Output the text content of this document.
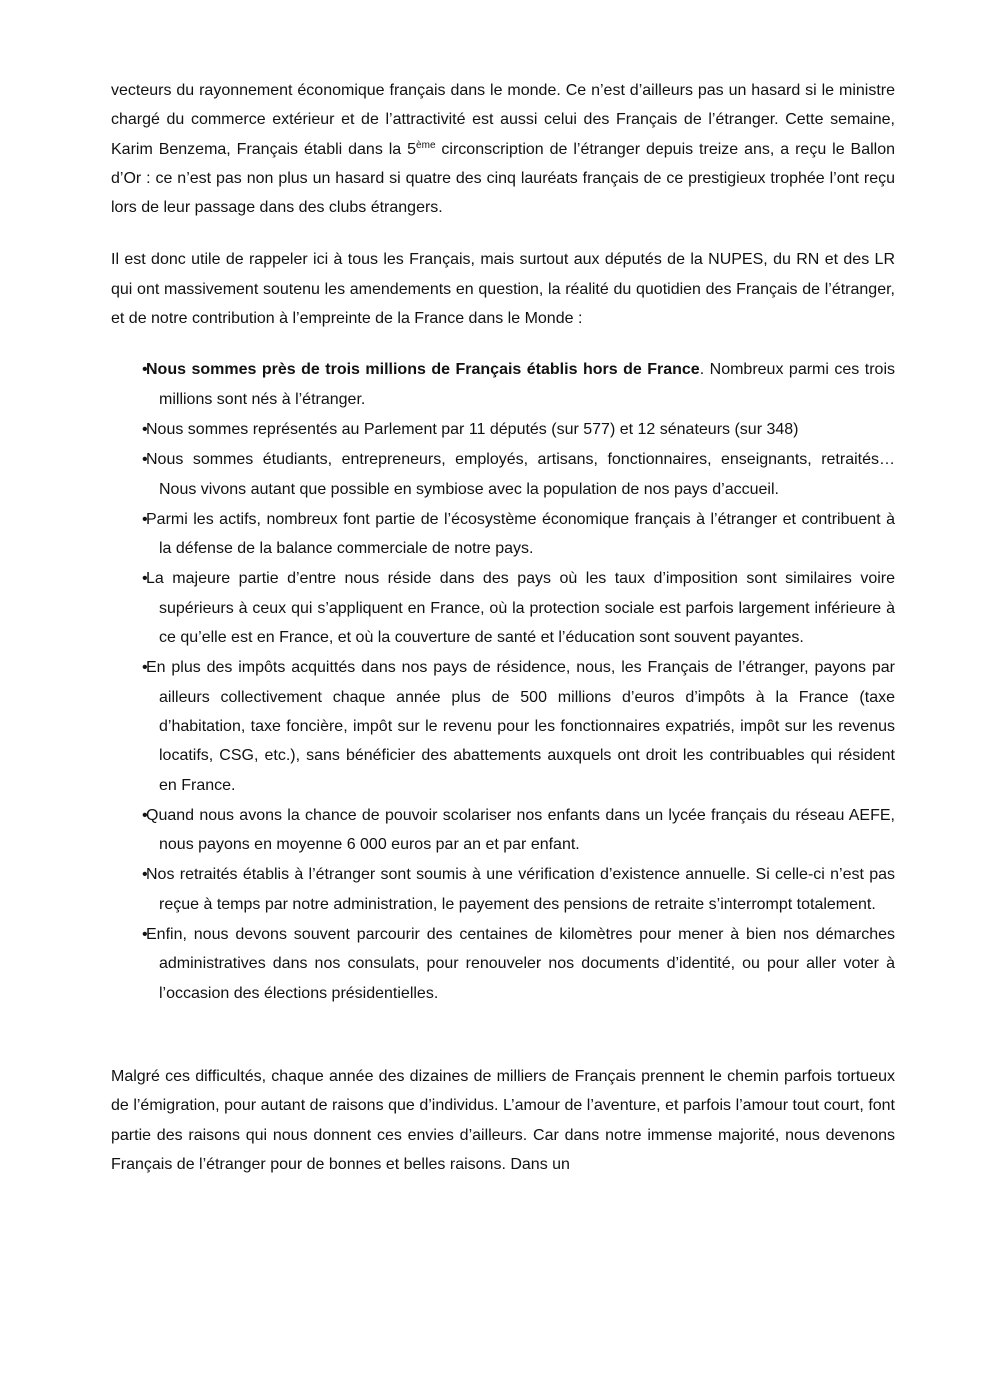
vecteurs du rayonnement économique français dans le monde. Ce n’est d’ailleurs pas un hasard si le ministre chargé du commerce extérieur et de l’attractivité est aussi celui des Français de l’étranger. Cette semaine, Karim Benzema, Français établi dans la 5ème circonscription de l’étranger depuis treize ans, a reçu le Ballon d’Or : ce n’est pas non plus un hasard si quatre des cinq lauréats français de ce prestigieux trophée l’ont reçu lors de leur passage dans des clubs étrangers.

Il est donc utile de rappeler ici à tous les Français, mais surtout aux députés de la NUPES, du RN et des LR qui ont massivement soutenu les amendements en question, la réalité du quotidien des Français de l’étranger, et de notre contribution à l’empreinte de la France dans le Monde :

• Nous sommes près de trois millions de Français établis hors de France. Nombreux parmi ces trois millions sont nés à l’étranger.
• Nous sommes représentés au Parlement par 11 députés (sur 577) et 12 sénateurs (sur 348)
• Nous sommes étudiants, entrepreneurs, employés, artisans, fonctionnaires, enseignants, retraités… Nous vivons autant que possible en symbiose avec la population de nos pays d’accueil.
• Parmi les actifs, nombreux font partie de l’écosystème économique français à l’étranger et contribuent à la défense de la balance commerciale de notre pays.
• La majeure partie d’entre nous réside dans des pays où les taux d’imposition sont similaires voire supérieurs à ceux qui s’appliquent en France, où la protection sociale est parfois largement inférieure à ce qu’elle est en France, et où la couverture de santé et l’éducation sont souvent payantes.
• En plus des impôts acquittés dans nos pays de résidence, nous, les Français de l’étranger, payons par ailleurs collectivement chaque année plus de 500 millions d’euros d’impôts à la France (taxe d’habitation, taxe foncière, impôt sur le revenu pour les fonctionnaires expatriés, impôt sur les revenus locatifs, CSG, etc.), sans bénéficier des abattements auxquels ont droit les contribuables qui résident en France.
• Quand nous avons la chance de pouvoir scolariser nos enfants dans un lycée français du réseau AEFE, nous payons en moyenne 6 000 euros par an et par enfant.
• Nos retraités établis à l’étranger sont soumis à une vérification d’existence annuelle. Si celle-ci n’est pas reçue à temps par notre administration, le payement des pensions de retraite s’interrompt totalement.
• Enfin, nous devons souvent parcourir des centaines de kilomètres pour mener à bien nos démarches administratives dans nos consulats, pour renouveler nos documents d’identité, ou pour aller voter à l’occasion des élections présidentielles.

Malgré ces difficultés, chaque année des dizaines de milliers de Français prennent le chemin parfois tortueux de l’émigration, pour autant de raisons que d’individus. L’amour de l’aventure, et parfois l’amour tout court, font partie des raisons qui nous donnent ces envies d’ailleurs. Car dans notre immense majorité, nous devenons Français de l’étranger pour de bonnes et belles raisons. Dans un
